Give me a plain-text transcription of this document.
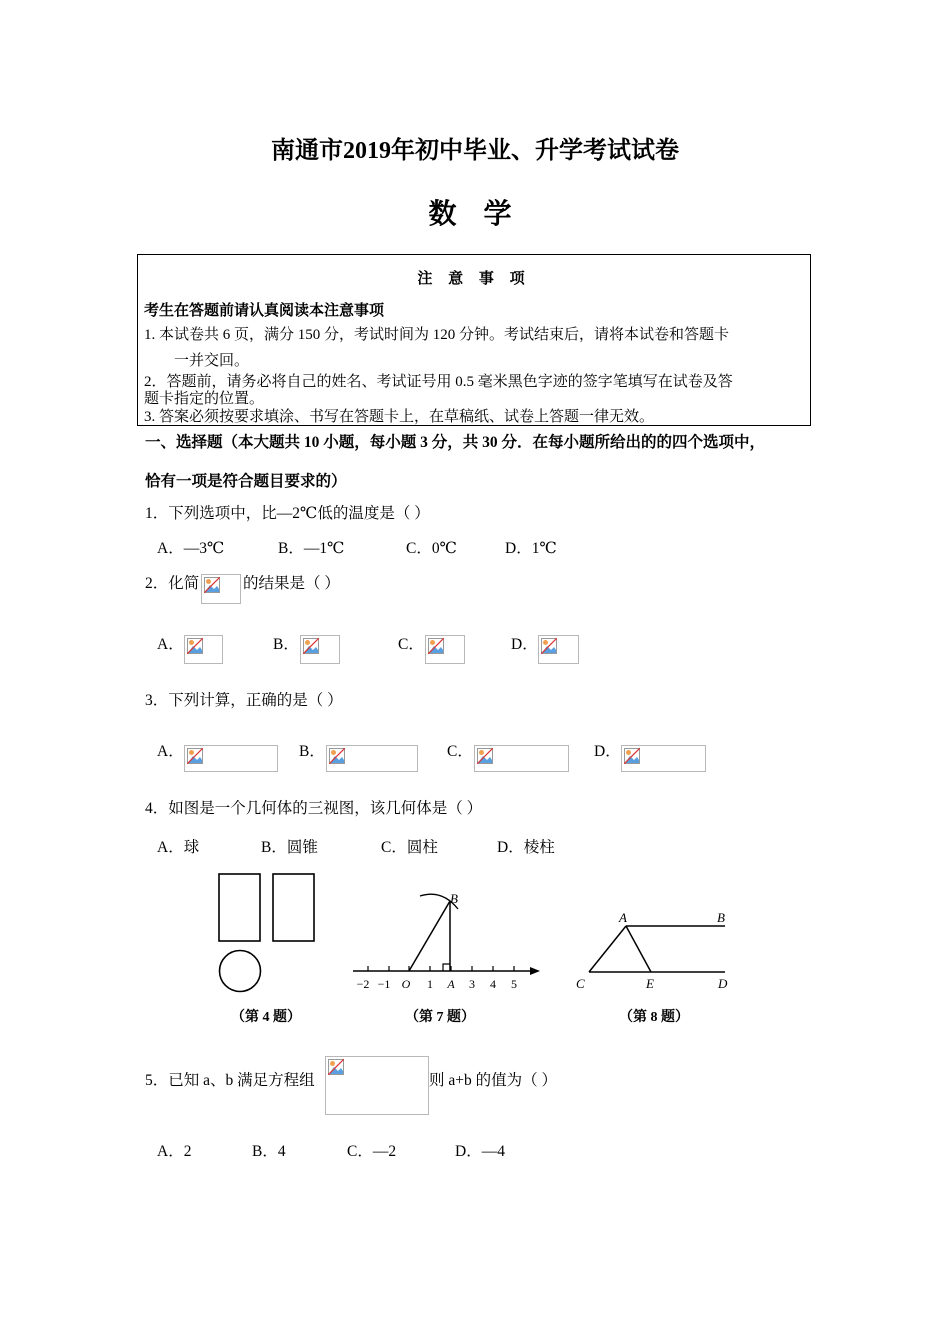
南通市2019年初中毕业、升学考试试卷
数 学
注 意 事 项
考生在答题前请认真阅读本注意事项
1. 本试卷共 6 页，满分 150 分，考试时间为 120 分钟。考试结束后，请将本试卷和答题卡
一并交回。
2．答题前，请务必将自己的姓名、考试证号用 0.5 毫米黑色字迹的签字笔填写在试卷及答
题卡指定的位置。
3. 答案必须按要求填涂、书写在答题卡上，在草稿纸、试卷上答题一律无效。
一、选择题（本大题共 10 小题，每小题 3 分，共 30 分．在每小题所给出的的四个选项中，
恰有一项是符合题目要求的）
1．下列选项中，比—2℃低的温度是（ ）
A．—3℃	B．—1℃	C．0℃	D．1℃
2．化简	的结果是（ ）
A．	B．	C．	D．
3．下列计算，正确的是（ ）
A．	B．	C．	D．
4．如图是一个几何体的三视图，该几何体是（ ）
A．球	B．圆锥	C．圆柱	D．棱柱
（第 4 题）
B
−2 −1 O 1 A 3 4 5
（第 7 题）
A	B
C	E	D
（第 8 题）
5．已知 a、b 满足方程组	则 a+b 的值为（ ）
A．2	B．4	C．—2	D．—4
